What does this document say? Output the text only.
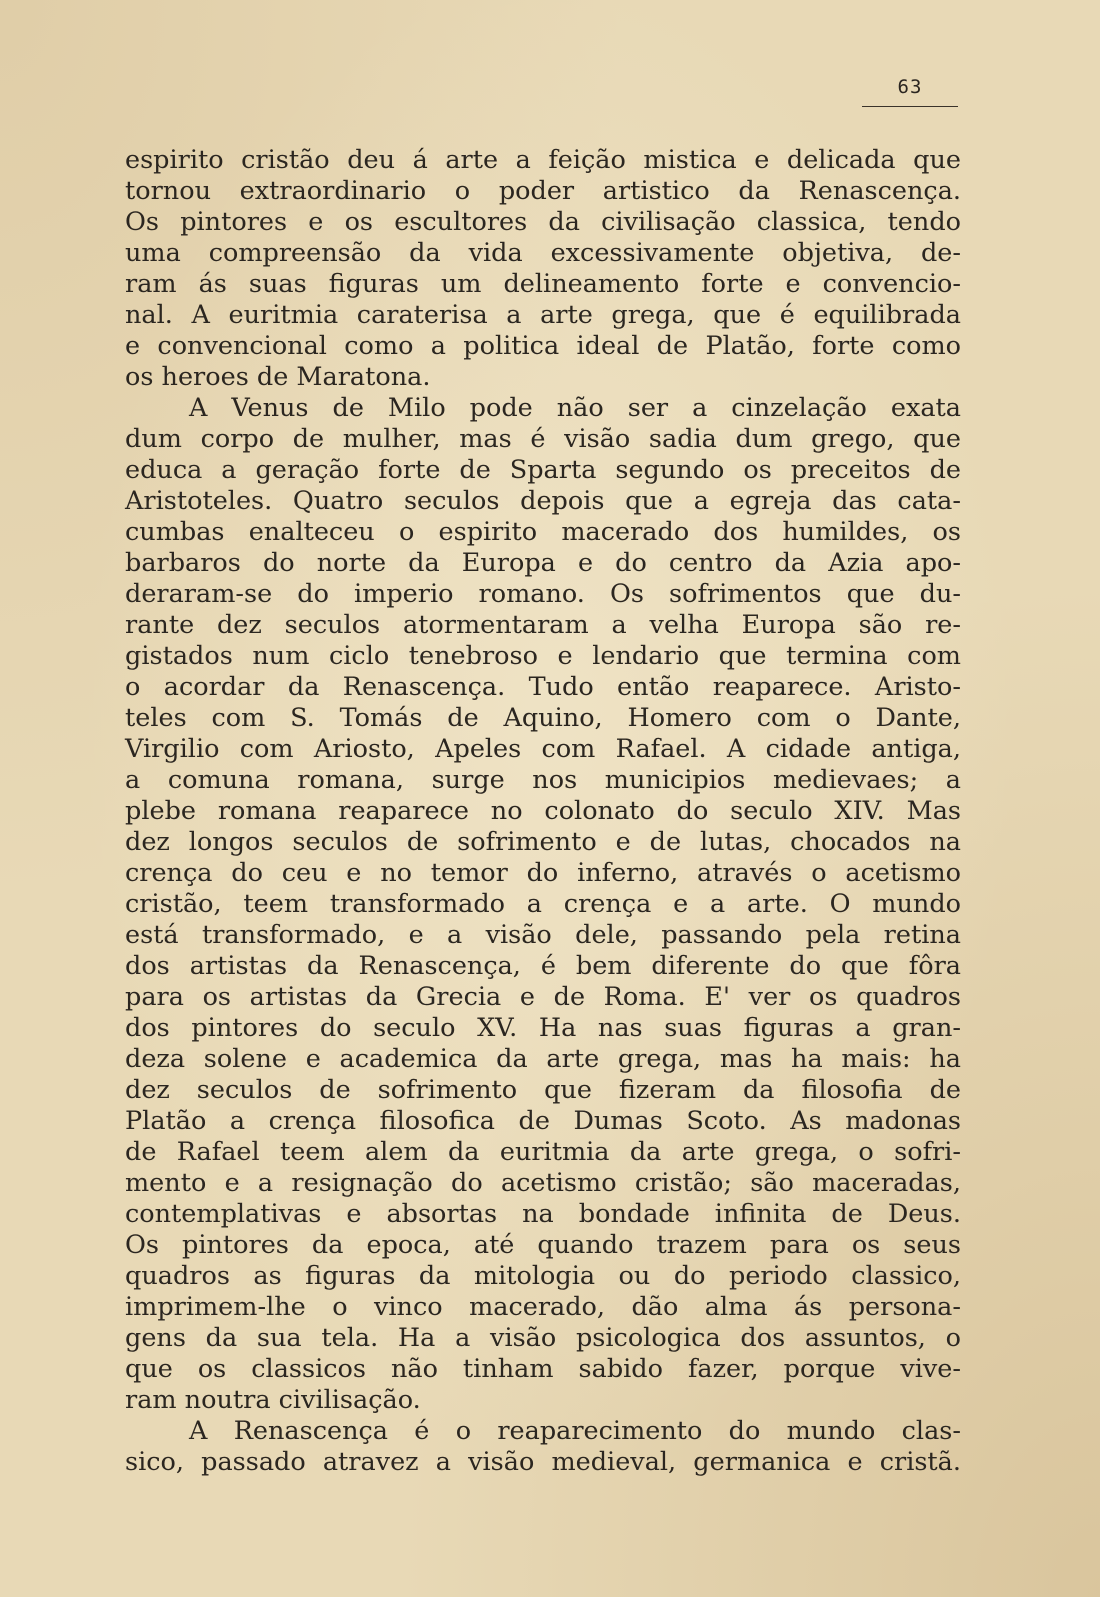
63

espirito cristão deu á arte a feição mistica e delicada que
tornou extraordinario o poder artistico da Renascença.
Os pintores e os escultores da civilisação classica, tendo
uma compreensão da vida excessivamente objetiva, de-
ram ás suas figuras um delineamento forte e convencio-
nal. A euritmia caraterisa a arte grega, que é equilibrada
e convencional como a politica ideal de Platão, forte como
os heroes de Maratona.
A Venus de Milo pode não ser a cinzelação exata
dum corpo de mulher, mas é visão sadia dum grego, que
educa a geração forte de Sparta segundo os preceitos de
Aristoteles. Quatro seculos depois que a egreja das cata-
cumbas enalteceu o espirito macerado dos humildes, os
barbaros do norte da Europa e do centro da Azia apo-
deraram-se do imperio romano. Os sofrimentos que du-
rante dez seculos atormentaram a velha Europa são re-
gistados num ciclo tenebroso e lendario que termina com
o acordar da Renascença. Tudo então reaparece. Aristo-
teles com S. Tomás de Aquino, Homero com o Dante,
Virgilio com Ariosto, Apeles com Rafael. A cidade antiga,
a comuna romana, surge nos municipios medievaes; a
plebe romana reaparece no colonato do seculo XIV. Mas
dez longos seculos de sofrimento e de lutas, chocados na
crença do ceu e no temor do inferno, através o acetismo
cristão, teem transformado a crença e a arte. O mundo
está transformado, e a visão dele, passando pela retina
dos artistas da Renascença, é bem diferente do que fôra
para os artistas da Grecia e de Roma. E' ver os quadros
dos pintores do seculo XV. Ha nas suas figuras a gran-
deza solene e academica da arte grega, mas ha mais: ha
dez seculos de sofrimento que fizeram da filosofia de
Platão a crença filosofica de Dumas Scoto. As madonas
de Rafael teem alem da euritmia da arte grega, o sofri-
mento e a resignação do acetismo cristão; são maceradas,
contemplativas e absortas na bondade infinita de Deus.
Os pintores da epoca, até quando trazem para os seus
quadros as figuras da mitologia ou do periodo classico,
imprimem-lhe o vinco macerado, dão alma ás persona-
gens da sua tela. Ha a visão psicologica dos assuntos, o
que os classicos não tinham sabido fazer, porque vive-
ram noutra civilisação.
A Renascença é o reaparecimento do mundo clas-
sico, passado atravez a visão medieval, germanica e cristã.
